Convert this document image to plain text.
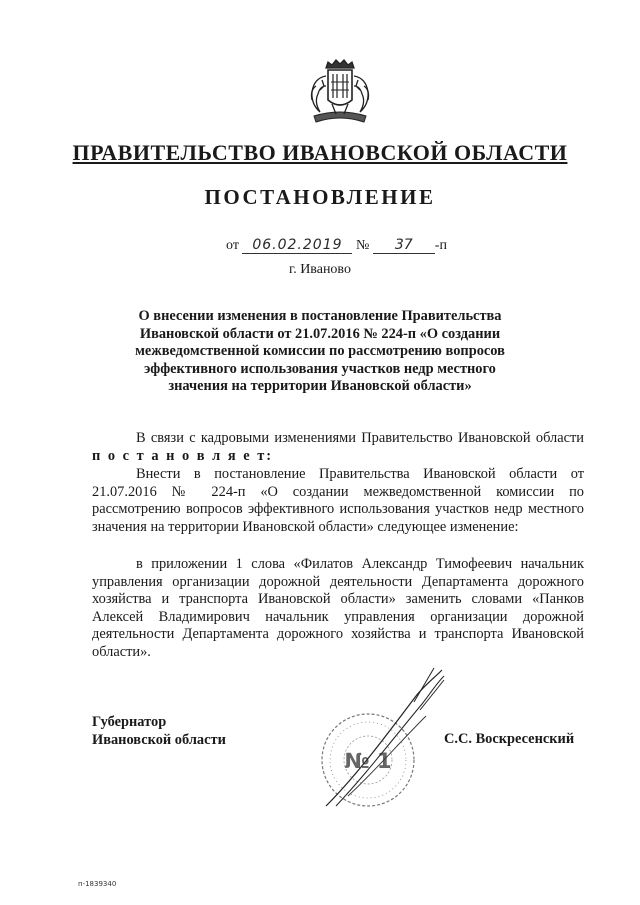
ПРАВИТЕЛЬСТВО ИВАНОВСКОЙ ОБЛАСТИ
ПОСТАНОВЛЕНИЕ
от 06.02.2019 № 37 -п
г. Иваново
О внесении изменения в постановление Правительства Ивановской области от 21.07.2016 № 224-п «О создании межведомственной комиссии по рассмотрению вопросов эффективного использования участков недр местного значения на территории Ивановской области»
В связи с кадровыми изменениями Правительство Ивановской области п о с т а н о в л я е т:
Внести в постановление Правительства Ивановской области от 21.07.2016 № 224-п «О создании межведомственной комиссии по рассмотрению вопросов эффективного использования участков недр местного значения на территории Ивановской области» следующее изменение:
в приложении 1 слова «Филатов Александр Тимофеевич начальник управления организации дорожной деятельности Департамента дорожного хозяйства и транспорта Ивановской области» заменить словами «Панков Алексей Владимирович начальник управления организации дорожной деятельности Департамента дорожного хозяйства и транспорта Ивановской области».
Губернатор
Ивановской области
№ 1
С.С. Воскресенский
п-1839340
